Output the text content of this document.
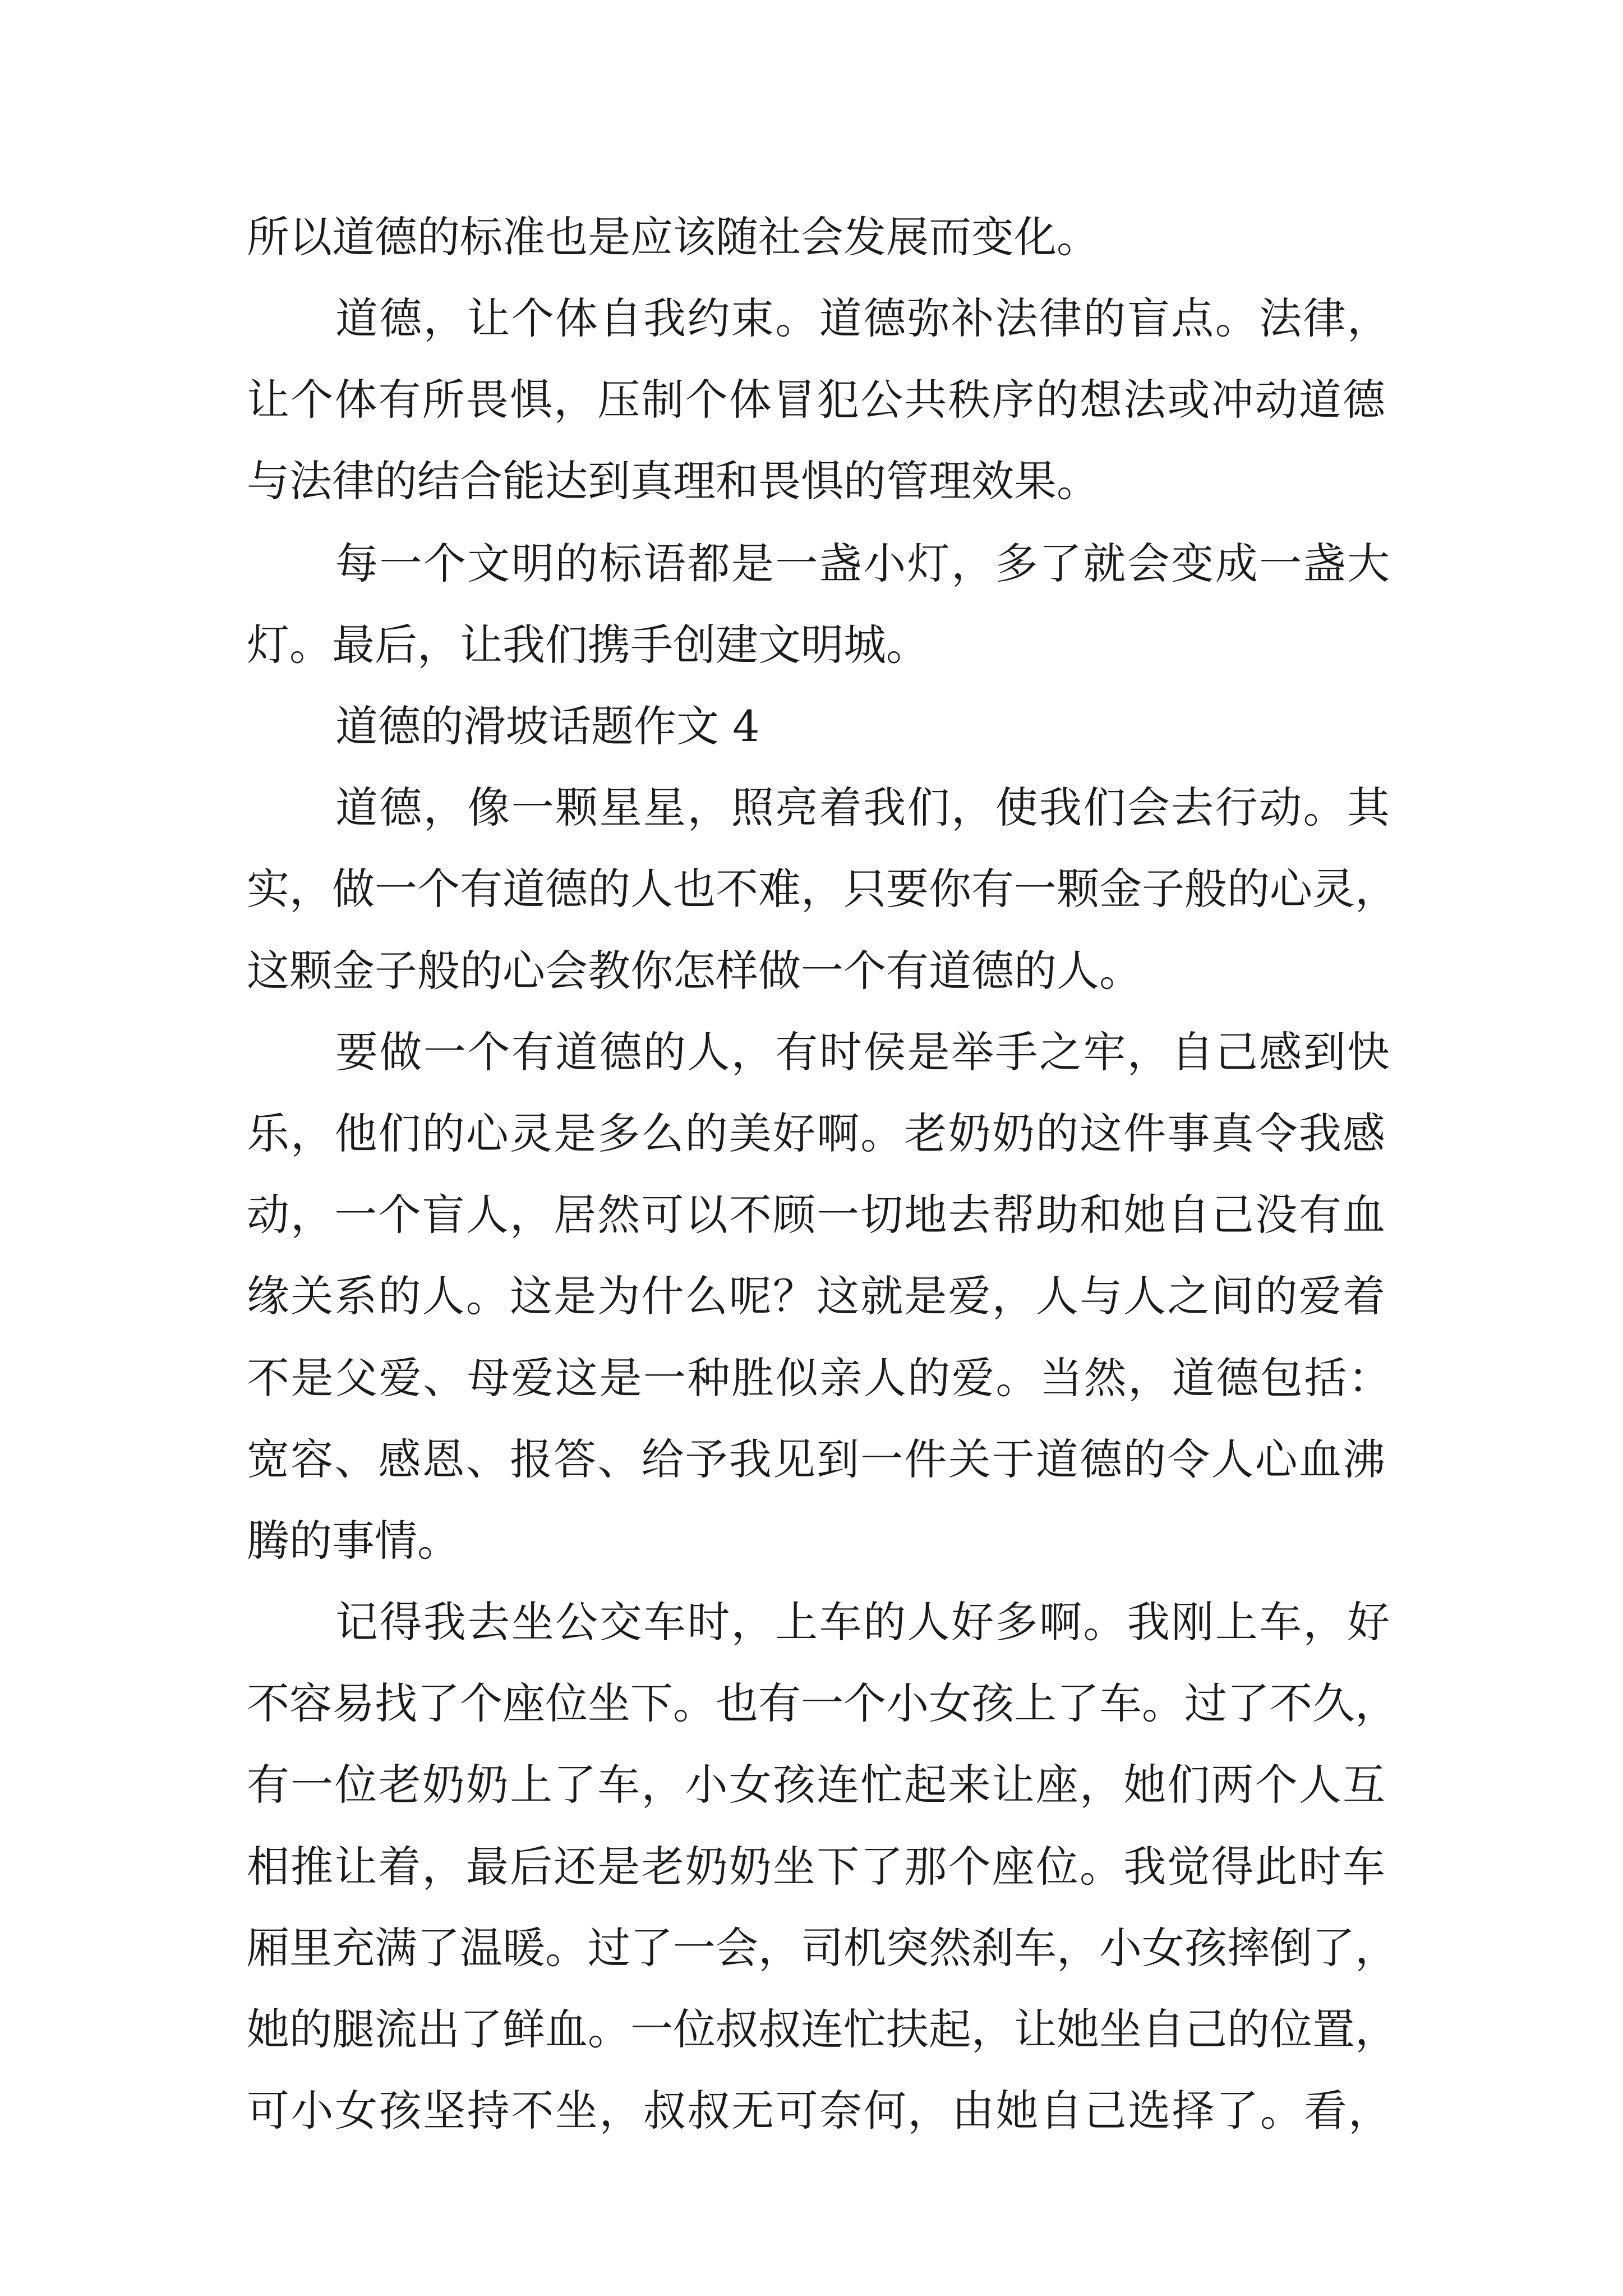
所以道德的标准也是应该随社会发展而变化。
道德，让个体自我约束。道德弥补法律的盲点。法律，
让个体有所畏惧，压制个体冒犯公共秩序的想法或冲动道德
与法律的结合能达到真理和畏惧的管理效果。
每一个文明的标语都是一盏小灯，多了就会变成一盏大
灯。最后，让我们携手创建文明城。
道德的滑坡话题作文 4
道德，像一颗星星，照亮着我们，使我们会去行动。其
实，做一个有道德的人也不难，只要你有一颗金子般的心灵，
这颗金子般的心会教你怎样做一个有道德的人。
要做一个有道德的人，有时侯是举手之牢，自己感到快
乐，他们的心灵是多么的美好啊。老奶奶的这件事真令我感
动，一个盲人，居然可以不顾一切地去帮助和她自己没有血
缘关系的人。这是为什么呢？这就是爱，人与人之间的爱着
不是父爱、母爱这是一种胜似亲人的爱。当然，道德包括：
宽容、感恩、报答、给予我见到一件关于道德的令人心血沸
腾的事情。
记得我去坐公交车时，上车的人好多啊。我刚上车，好
不容易找了个座位坐下。也有一个小女孩上了车。过了不久，
有一位老奶奶上了车，小女孩连忙起来让座，她们两个人互
相推让着，最后还是老奶奶坐下了那个座位。我觉得此时车
厢里充满了温暖。过了一会，司机突然刹车，小女孩摔倒了，
她的腿流出了鲜血。一位叔叔连忙扶起，让她坐自己的位置，
可小女孩坚持不坐，叔叔无可奈何，由她自己选择了。看，
